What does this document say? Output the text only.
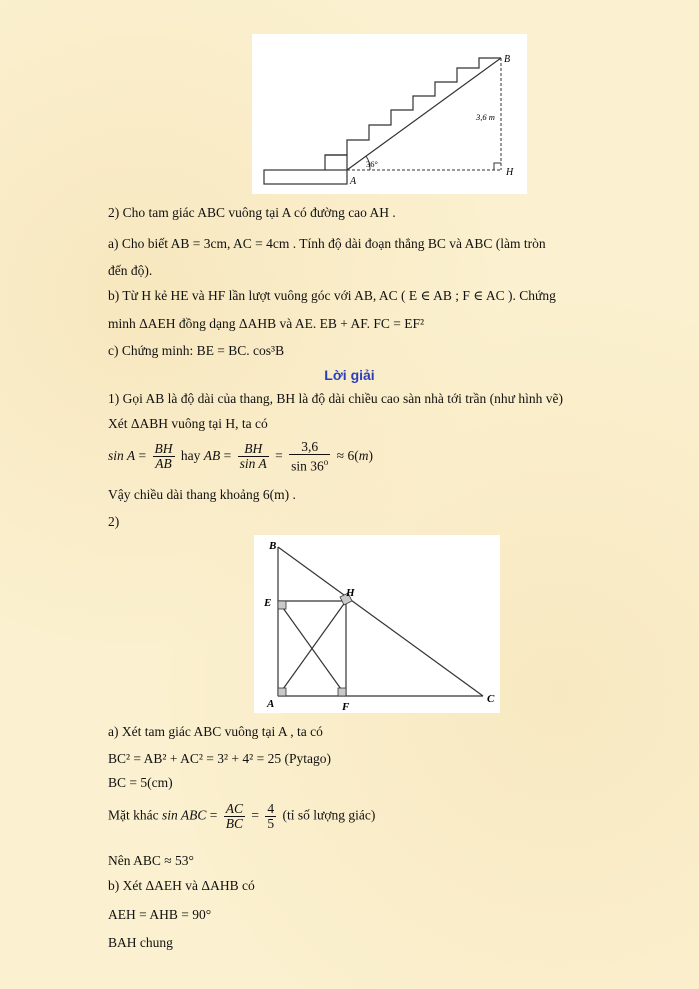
B
A
H
3,6 m
36°
2) Cho tam giác ABC vuông tại A có đường cao AH .
a) Cho biết AB = 3cm, AC = 4cm . Tính độ dài đoạn thẳng BC và ABC (làm tròn
đến độ).
b) Từ H kẻ HE và HF lần lượt vuông góc với AB, AC ( E ∈ AB ; F ∈ AC ). Chứng
minh ΔAEH đồng dạng ΔAHB và AE. EB + AF. FC = EF²
c) Chứng minh: BE = BC. cos³B
Lời giải
1) Gọi AB là độ dài của thang, BH là độ dài chiều cao sàn nhà tới trần (như hình vẽ)
Xét ΔABH vuông tại H, ta có
$\sin A = \frac{BH}{AB}$ hay AB = $\frac{BH}{\text{sin A}} = \frac{3,6}{\sin 36^o} \approx 6(m)$
Vậy chiều dài thang khoảng 6(m) .
2)
B
E
H
A	F
C
a) Xét tam giác ABC vuông tại A , ta có
BC² = AB² + AC² = 3² + 4² = 25 (Pytago)
BC = 5(cm)
Mặt khác sin ABC = $\frac{AC}{BC} = \frac{4}{5}$ (tỉ số lượng giác)
Nên ABC ≈ 53°
b) Xét ΔAEH và ΔAHB có
AEH = AHB = 90°
BAH chung
